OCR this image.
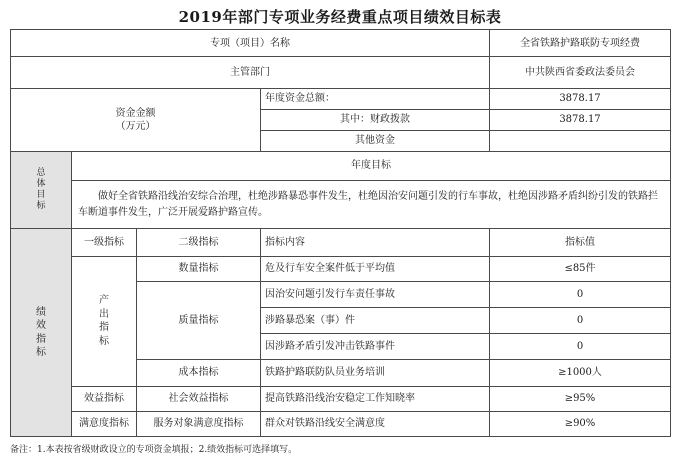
2019年部门专项业务经费重点项目绩效目标表
专项（项目）名称				全省铁路护路联防专项经费
主管部门				中共陕西省委政法委员会

资金金额
（万元）			年度资金总额：	3878.17
			其中：财政拨款	3878.17
			其他资金	
总体目标	年度目标			
	做好全省铁路沿线治安综合治理，杜绝涉路暴恐事件发生，杜绝因治安问题引发的行车事故，杜绝因涉路矛盾纠纷引发的铁路拦车断道事件发生，广泛开展爱路护路宣传。			
绩效指标	一级指标	二级指标	指标内容	指标值
	产出指标	数量指标	危及行车安全案件低于平均值	≤85件
		质量指标	因治安问题引发行车责任事故	0
			涉路暴恐案（事）件	0
			因涉路矛盾引发冲击铁路事件	0
		成本指标	铁路护路联防队员业务培训	≥1000人
	效益指标	社会效益指标	提高铁路沿线治安稳定工作知晓率	≥95%
	满意度指标	服务对象满意度指标	群众对铁路沿线安全满意度	≥90%
备注：1.本表按省级财政设立的专项资金填报；2.绩效指标可选择填写。
